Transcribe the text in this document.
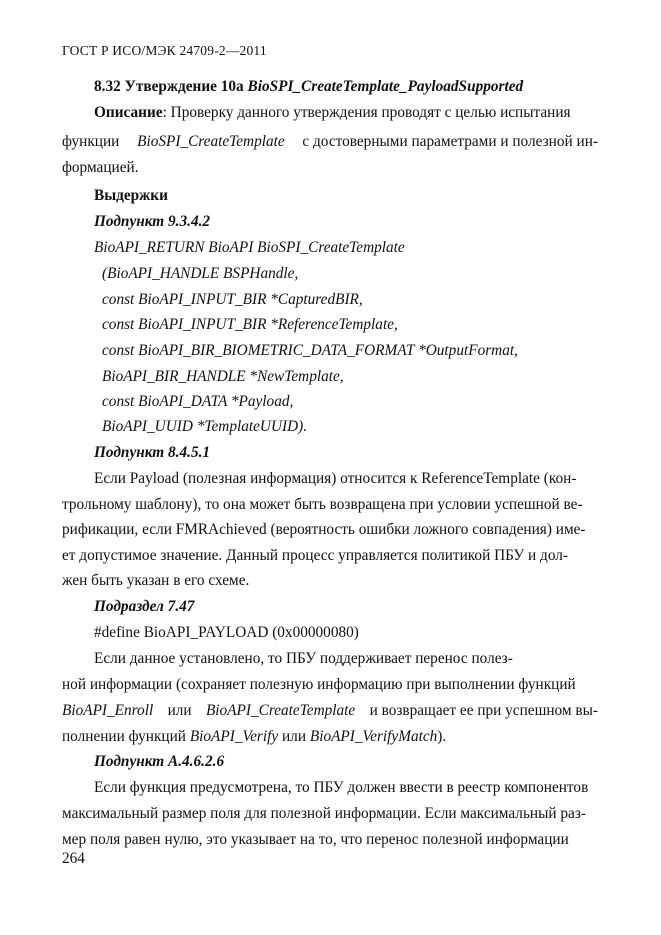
ГОСТ Р ИСО/МЭК 24709-2—2011
8.32 Утверждение 10а BioSPI_CreateTemplate_PayloadSupported
Описание: Проверку данного утверждения проводят с целью испытания
функции BioSPI_CreateTemplate с достоверными параметрами и полезной ин-
формацией.
Выдержки
Подпункт 9.3.4.2
BioAPI_RETURN BioAPI BioSPI_CreateTemplate
(BioAPI_HANDLE BSPHandle,
const BioAPI_INPUT_BIR *CapturedBIR,
const BioAPI_INPUT_BIR *ReferenceTemplate,
const BioAPI_BIR_BIOMETRIC_DATA_FORMAT *OutputFormat,
BioAPI_BIR_HANDLE *NewTemplate,
const BioAPI_DATA *Payload,
BioAPI_UUID *TemplateUUID).
Подпункт 8.4.5.1
Если Payload (полезная информация) относится к ReferenceTemplate (кон-
трольному шаблону), то она может быть возвращена при условии успешной ве-
рификации, если FMRAchieved (вероятность ошибки ложного совпадения) име-
ет допустимое значение. Данный процесс управляется политикой ПБУ и дол-
жен быть указан в его схеме.
Подраздел 7.47
#define BioAPI_PAYLOAD (0x00000080)
Если данное установлено, то ПБУ поддерживает перенос полез-
ной информации (сохраняет полезную информацию при выполнении функций
BioAPI_Enroll или BioAPI_CreateTemplate и возвращает ее при успешном вы-
полнении функций BioAPI_Verify или BioAPI_VerifyMatch).
Подпункт А.4.6.2.6
Если функция предусмотрена, то ПБУ должен ввести в реестр компонентов
максимальный размер поля для полезной информации. Если максимальный раз-
мер поля равен нулю, это указывает на то, что перенос полезной информации
264
